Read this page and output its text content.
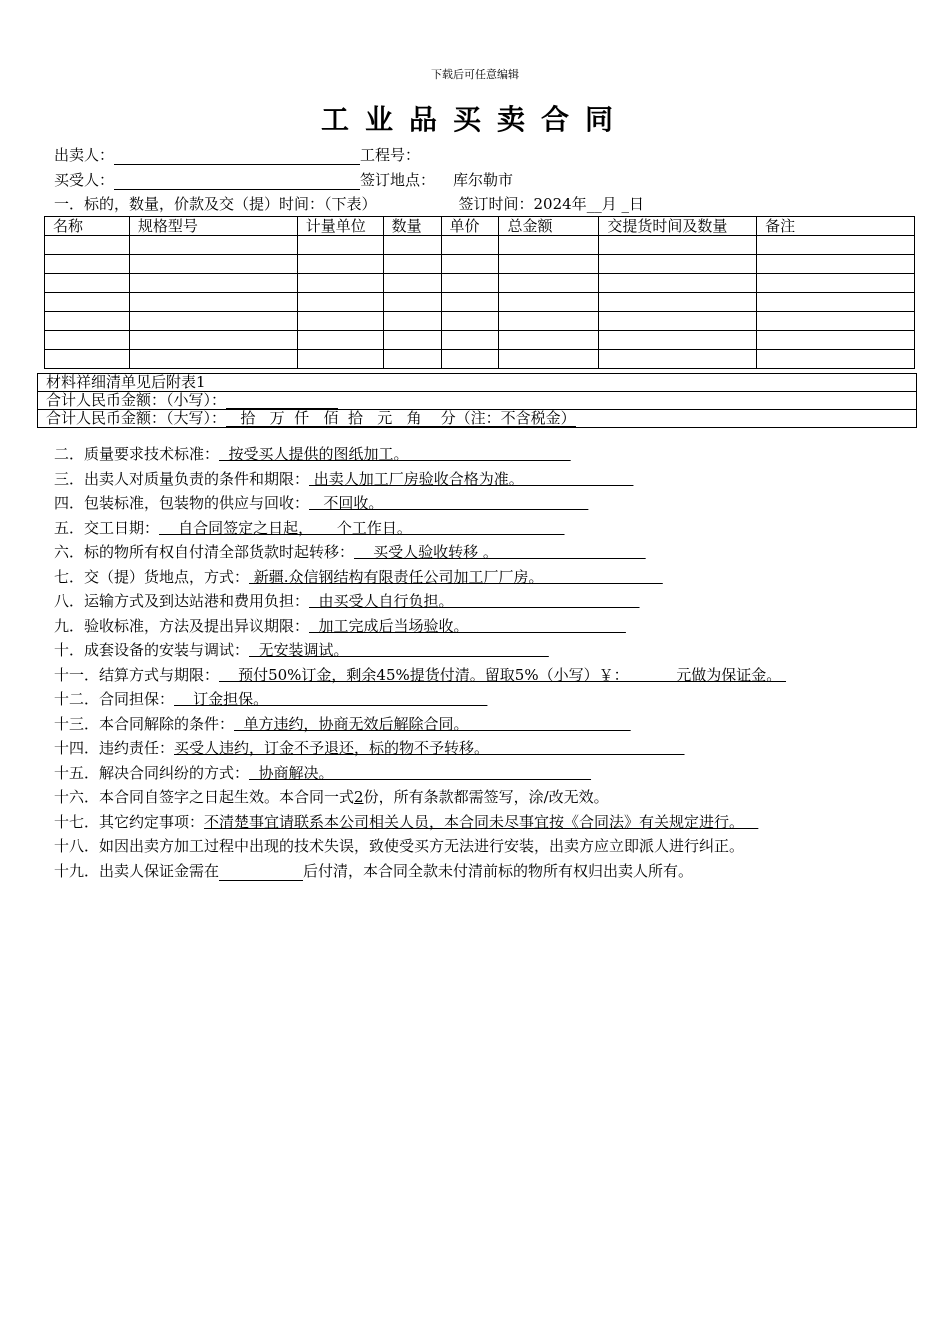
下载后可任意编辑
工业品买卖合同
出卖人：	工程号：
买受人：	签订地点： 库尔勒市
一．标的，数量，价款及交（提）时间：（下表）	签订时间：2024年__月 _日
名称	规格型号	计量单位	数量	单价	总金额	交提货时间及数量	备注

材料祥细清单见后附表1
合计人民币金额：（小写）：
合计人民币金额：（大写）：   拾   万  仟   佰  拾   元   角    分（注：不含税金）
二．质量要求技术标准：  按受买人提供的图纸加工。
三．出卖人对质量负责的条件和期限： 出卖人加工厂房验收合格为准。
四．包装标准，包装物的供应与回收：   不回收。
五．交工日期：    自合同签定之日起，     个工作日。
六．标的物所有权自付清全部货款时起转移：    买受人验收转移 。
七．交（提）货地点，方式： 新疆.众信钢结构有限责任公司加工厂厂房。
八．运输方式及到达站港和费用负担：  由买受人自行负担。
九．验收标准，方法及提出异议期限：  加工完成后当场验收。
十．成套设备的安装与调试：  无安装调试。
十一．结算方式与期限：    预付50%订金，剩余45%提货付清。留取5%（小写）￥：          元做为保证金。
十二．合同担保：    订金担保。
十三．本合同解除的条件：  单方违约，协商无效后解除合同。
十四．违约责任：买受人违约，订金不予退还，标的物不予转移。
十五．解决合同纠纷的方式：  协商解决。
十六．本合同自签字之日起生效。本合同一式2份，所有条款都需签写，涂/改无效。
十七．其它约定事项：不清楚事宜请联系本公司相关人员，本合同未尽事宜按《合同法》有关规定进行。
十八．如因出卖方加工过程中出现的技术失误，致使受买方无法进行安装，出卖方应立即派人进行纠正。
十九．出卖人保证金需在	后付清，本合同全款未付清前标的物所有权归出卖人所有。
